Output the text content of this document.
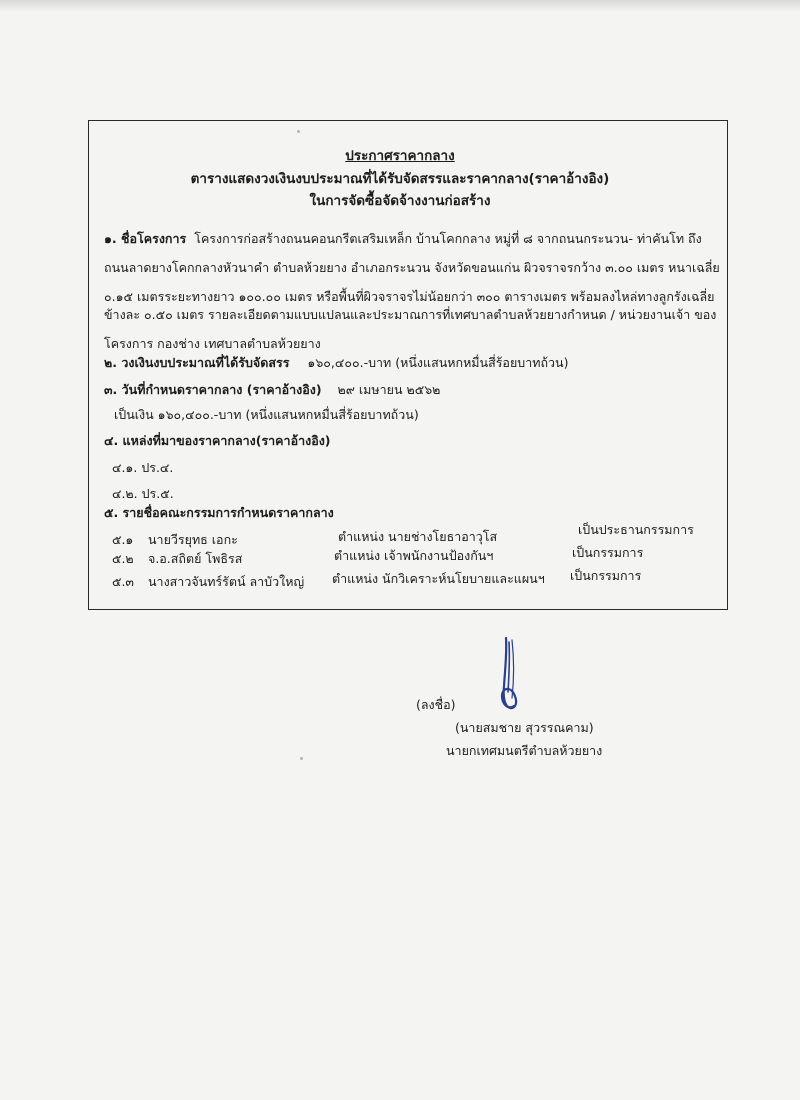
ประกาศราคากลาง
ตารางแสดงวงเงินงบประมาณที่ได้รับจัดสรรและราคากลาง(ราคาอ้างอิง)
ในการจัดซื้อจัดจ้างงานก่อสร้าง
๑. ชื่อโครงการ โครงการก่อสร้างถนนคอนกรีตเสริมเหล็ก บ้านโคกกลาง หมู่ที่ ๘ จากถนนกระนวน- ท่าคันโท ถึง
ถนนลาดยางโคกกลางหัวนาคำ ตำบลห้วยยาง อำเภอกระนวน จังหวัดขอนแก่น ผิวจราจรกว้าง ๓.๐๐ เมตร หนาเฉลี่ย
๐.๑๕ เมตรระยะทางยาว ๑๐๐.๐๐ เมตร หรือพื้นที่ผิวจราจรไม่น้อยกว่า ๓๐๐ ตารางเมตร พร้อมลงไหล่ทางลูกรังเฉลี่ย
ข้างละ ๐.๕๐ เมตร รายละเอียดตามแบบแปลนและประมาณการที่เทศบาลตำบลห้วยยางกำหนด / หน่วยงานเจ้า ของ
โครงการ กองช่าง เทศบาลตำบลห้วยยาง
๒. วงเงินงบประมาณที่ได้รับจัดสรร ๑๖๐,๔๐๐.-บาท (หนึ่งแสนหกหมื่นสี่ร้อยบาทถ้วน)
๓. วันที่กำหนดราคากลาง (ราคาอ้างอิง) ๒๙ เมษายน ๒๕๖๒
เป็นเงิน ๑๖๐,๔๐๐.-บาท (หนึ่งแสนหกหมื่นสี่ร้อยบาทถ้วน)
๔. แหล่งที่มาของราคากลาง(ราคาอ้างอิง)
๔.๑. ปร.๔.
๔.๒. ปร.๕.
๕. รายชื่อคณะกรรมการกำหนดราคากลาง
๕.๑ นายวีรยุทธ เอกะ	ตำแหน่ง นายช่างโยธาอาวุโส	เป็นประธานกรรมการ
๕.๒ จ.อ.สถิตย์ โพธิรส	ตำแหน่ง เจ้าพนักงานป้องกันฯ	เป็นกรรมการ
๕.๓ นางสาวจันทร์รัตน์ ลาบัวใหญ่ ตำแหน่ง นักวิเคราะห์นโยบายและแผนฯ เป็นกรรมการ
(ลงชื่อ)
(นายสมชาย สุวรรณคาม)
นายกเทศมนตรีตำบลห้วยยาง
